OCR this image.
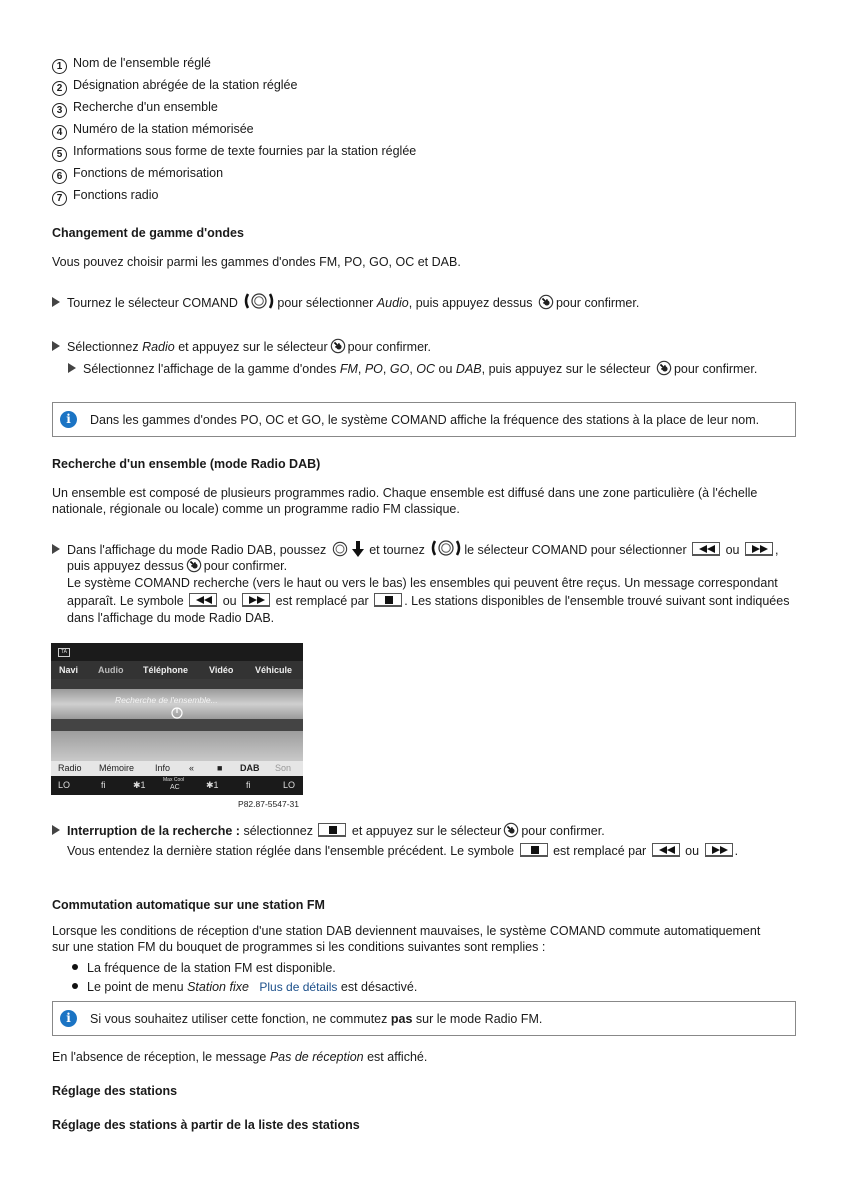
1 Nom de l'ensemble réglé
2 Désignation abrégée de la station réglée
3 Recherche d'un ensemble
4 Numéro de la station mémorisée
5 Informations sous forme de texte fournies par la station réglée
6 Fonctions de mémorisation
7 Fonctions radio
Changement de gamme d'ondes
Vous pouvez choisir parmi les gammes d'ondes FM, PO, GO, OC et DAB.
Tournez le sélecteur COMAND	pour sélectionner Audio, puis appuyez dessus pour confirmer.
Sélectionnez Radio et appuyez sur le sélecteur pour confirmer.
Sélectionnez l'affichage de la gamme d'ondes FM, PO, GO, OC ou DAB, puis appuyez sur le sélecteur pour confirmer.
i	Dans les gammes d'ondes PO, OC et GO, le système COMAND affiche la fréquence des stations à la place de leur nom.
Recherche d'un ensemble (mode Radio DAB)
Un ensemble est composé de plusieurs programmes radio. Chaque ensemble est diffusé dans une zone particulière (à l'échelle
nationale, régionale ou locale) comme un programme radio FM classique.
Dans l'affichage du mode Radio DAB, poussez	et tournez	le sélecteur COMAND pour sélectionner	ou	,
puis appuyez dessus pour confirmer.
Le système COMAND recherche (vers le haut ou vers le bas) les ensembles qui peuvent être reçus. Un message correspondant
apparaît. Le symbole	ou	est remplacé par	. Les stations disponibles de l'ensemble trouvé suivant sont indiquées
dans l'affichage du mode Radio DAB.
TA
Navi Audio Téléphone Vidéo Véhicule
Recherche de l'ensemble...
Radio Mémoire Info «	■ DAB Son
LO	ﬁ	✱1	Max Cool
AC	✱1	ﬁ	LO
P82.87-5547-31
Interruption de la recherche : sélectionnez	et appuyez sur le sélecteur pour confirmer.
Vous entendez la dernière station réglée dans l'ensemble précédent. Le symbole	est remplacé par	ou	.
Commutation automatique sur une station FM
Lorsque les conditions de réception d'une station DAB deviennent mauvaises, le système COMAND commute automatiquement
sur une station FM du bouquet de programmes si les conditions suivantes sont remplies :
La fréquence de la station FM est disponible.
Le point de menu Station fixe Plus de détails est désactivé.
i	Si vous souhaitez utiliser cette fonction, ne commutez pas sur le mode Radio FM.
En l'absence de réception, le message Pas de réception est affiché.
Réglage des stations
Réglage des stations à partir de la liste des stations
